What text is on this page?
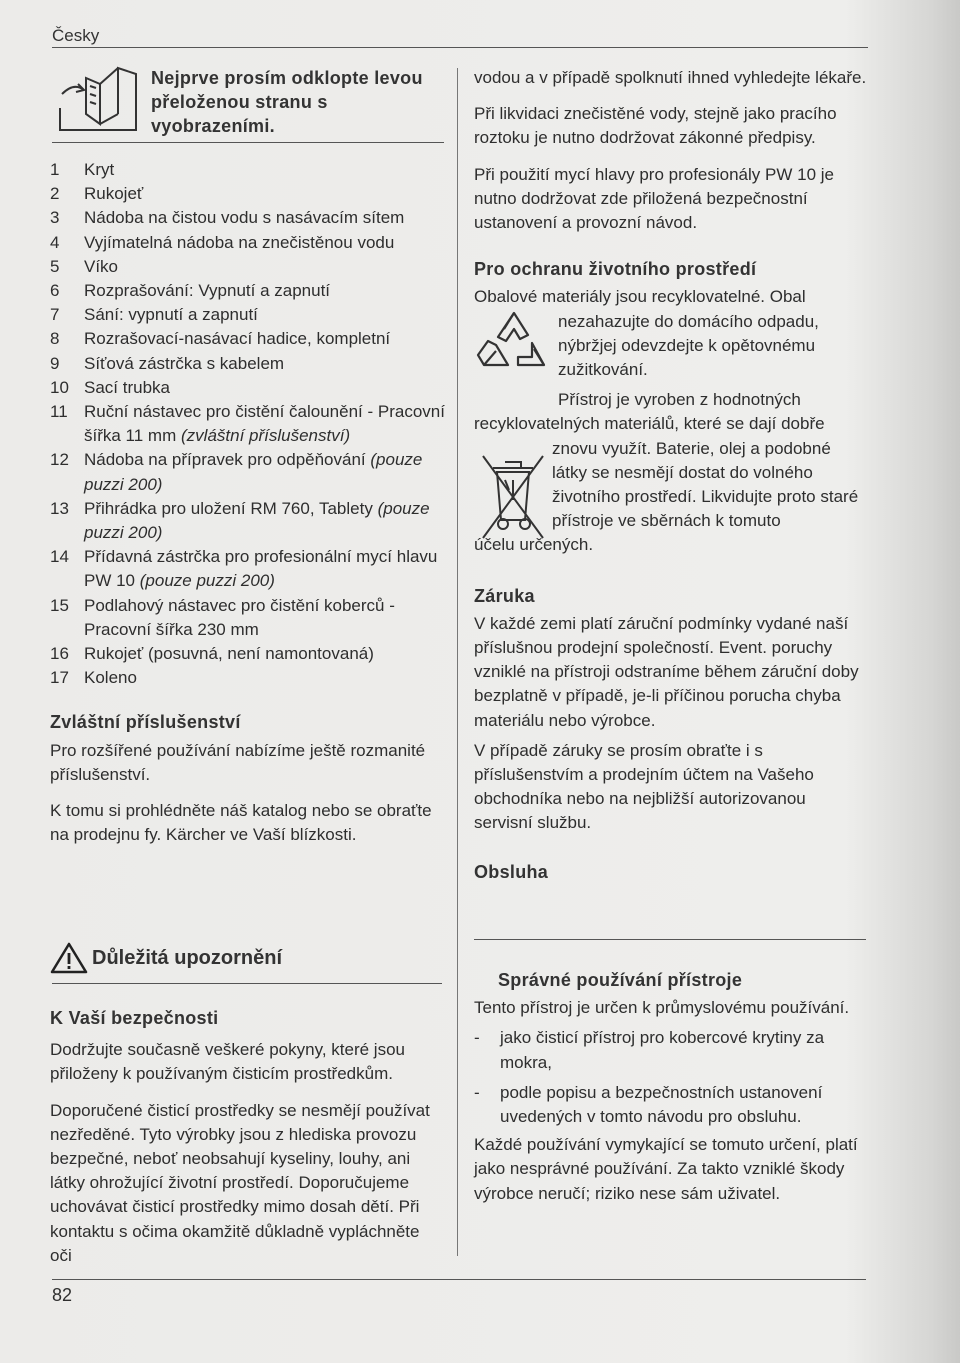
Česky
Nejprve prosím odklopte levou přeloženou stranu s vyobrazeními.
1	Kryt
2	Rukojeť
3	Nádoba na čistou vodu s nasávacím sítem
4	Vyjímatelná nádoba na znečistěnou vodu
5	Víko
6	Rozprašování: Vypnutí a zapnutí
7	Sání: vypnutí a zapnutí
8	Rozrašovací-nasávací hadice, kompletní
9	Síťová zástrčka s kabelem
10 Sací trubka
11 Ruční nástavec pro čistění čalounění - Pracovní šířka 11 mm (zvláštní příslušenství)
12 Nádoba na přípravek pro odpěňování (pouze puzzi 200)
13 Přihrádka pro uložení RM 760, Tablety (pouze puzzi 200)
14 Přídavná zástrčka pro profesionální mycí hlavu PW 10 (pouze puzzi 200)
15 Podlahový nástavec pro čistění koberců - Pracovní šířka 230 mm
16 Rukojeť (posuvná, není namontovaná)
17 Koleno
Zvláštní příslušenství

Pro rozšířené používání nabízíme ještě rozmanité příslušenství.

K tomu si prohlédněte náš katalog nebo se obraťte na prodejnu fy. Kärcher ve Vaší blízkosti.

Důležitá upozornění
K Vaší bezpečnosti

Dodržujte současně veškeré pokyny, které jsou přiloženy k používaným čisticím prostředkům.

Doporučené čisticí prostředky se nesmějí používat nezředěné. Tyto výrobky jsou z hlediska provozu bezpečné, neboť neobsahují kyseliny, louhy, ani látky ohrožující životní prostředí. Doporučujeme uchovávat čisticí prostředky mimo dosah dětí. Při kontaktu s očima okamžitě důkladně vypláchněte oči

vodou a v případě spolknutí ihned vyhledejte lékaře.

Při likvidaci znečistěné vody, stejně jako pracího roztoku je nutno dodržovat zákonné předpisy.

Při použití mycí hlavy pro profesionály PW 10 je nutno dodržovat zde přiložená bezpečnostní ustanovení a provozní návod.

Pro ochranu životního prostředí

Obalové materiály jsou recyklovatelné. Obal

nezahazujte do domácího odpadu, nýbržjej odevzdejte k opětovnému zužitkování.
Přístroj je vyroben z hodnotných

recyklovatelných materiálů, které se dají dobře

znovu využít. Baterie, olej a podobné látky se nesmějí dostat do volného životního prostředí. Likvidujte proto staré přístroje ve sběrnách k tomuto

účelu určených.

Záruka

V každé zemi platí záruční podmínky vydané naší příslušnou prodejní společností. Event. poruchy vzniklé na přístroji odstraníme během záruční doby bezplatně v případě, je-li příčinou porucha chyba materiálu nebo výrobce.

V případě záruky se prosím obraťte i s příslušenstvím a prodejním účtem na Vašeho obchodníka nebo na nejbližší autorizovanou servisní službu.

Obsluha
Správné používání přístroje

Tento přístroj je určen k průmyslovému používání.

- jako čisticí přístroj pro kobercové krytiny za mokra,
- podle popisu a bezpečnostních ustanovení uvedených v tomto návodu pro obsluhu.

Každé používání vymykající se tomuto určení, platí jako nesprávné používání. Za takto vzniklé škody výrobce neručí; riziko nese sám uživatel.

82
